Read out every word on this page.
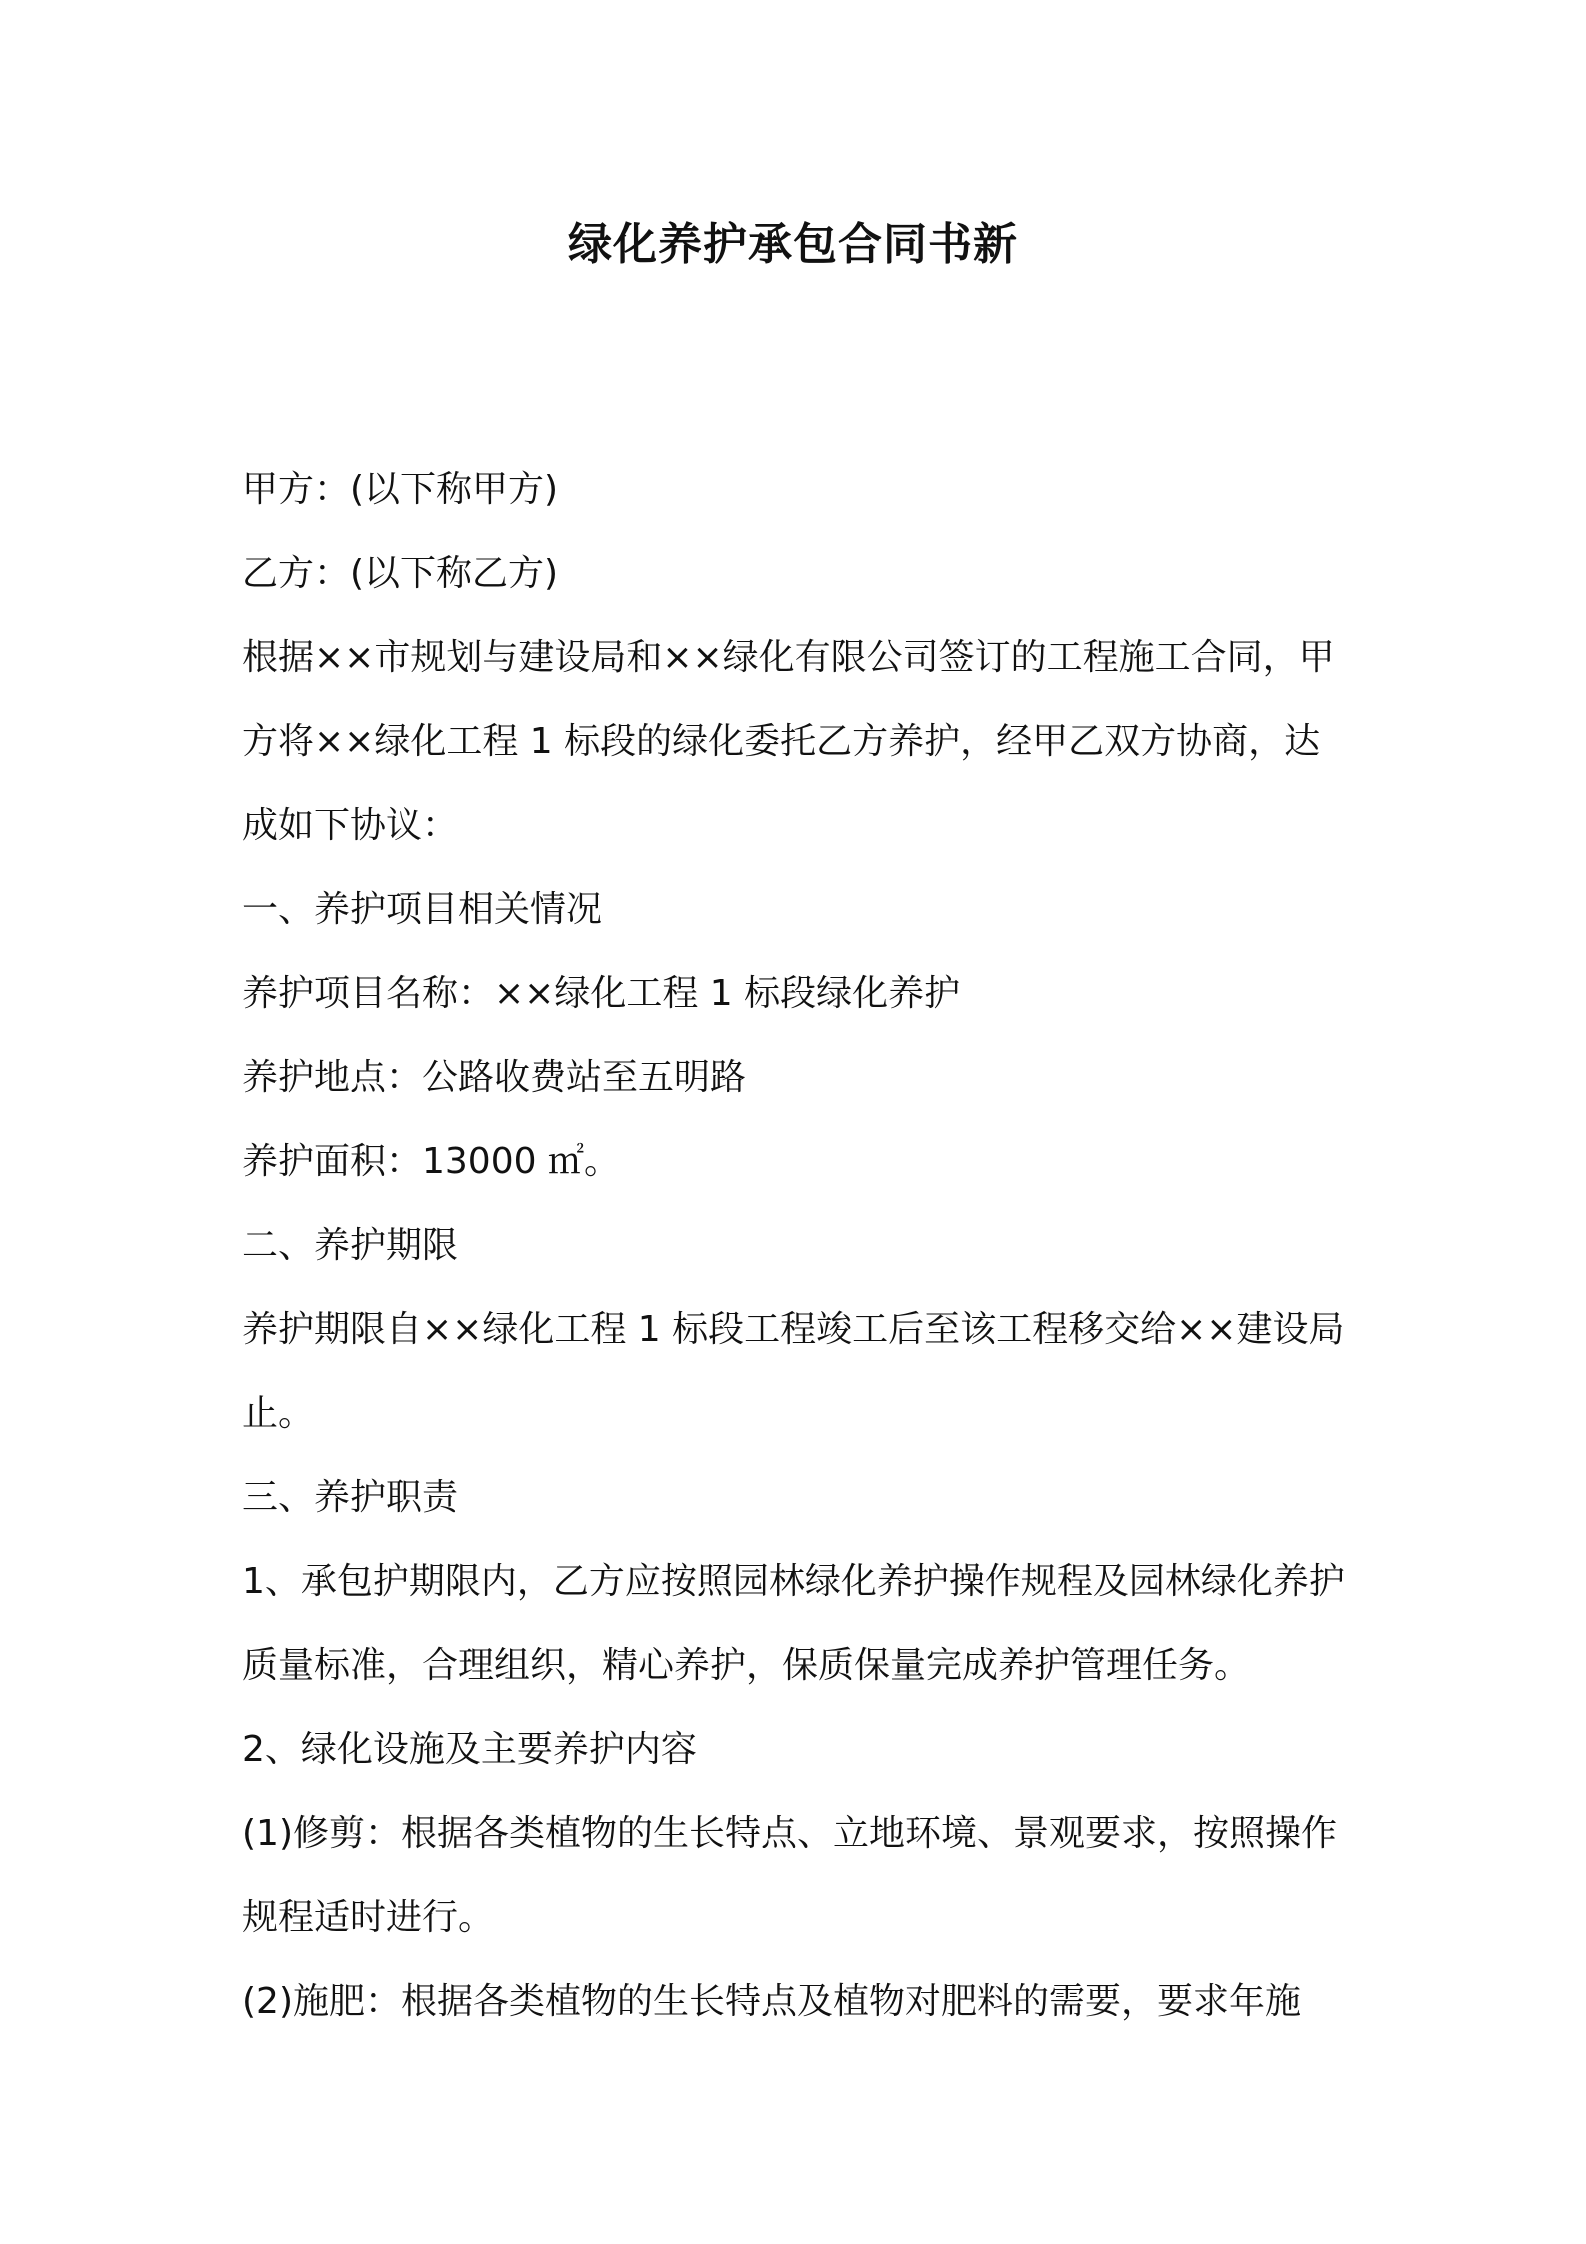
绿化养护承包合同书新

甲方：(以下称甲方)

乙方：(以下称乙方)

根据××市规划与建设局和××绿化有限公司签订的工程施工合同，甲方将××绿化工程 1 标段的绿化委托乙方养护，经甲乙双方协商，达成如下协议：

一、养护项目相关情况

养护项目名称：××绿化工程 1 标段绿化养护

养护地点：公路收费站至五明路

养护面积：13000 ㎡。

二、养护期限

养护期限自××绿化工程 1 标段工程竣工后至该工程移交给××建设局止。

三、养护职责

1、承包护期限内，乙方应按照园林绿化养护操作规程及园林绿化养护质量标准，合理组织，精心养护，保质保量完成养护管理任务。

2、绿化设施及主要养护内容

(1)修剪：根据各类植物的生长特点、立地环境、景观要求，按照操作规程适时进行。

(2)施肥：根据各类植物的生长特点及植物对肥料的需要，要求年施
